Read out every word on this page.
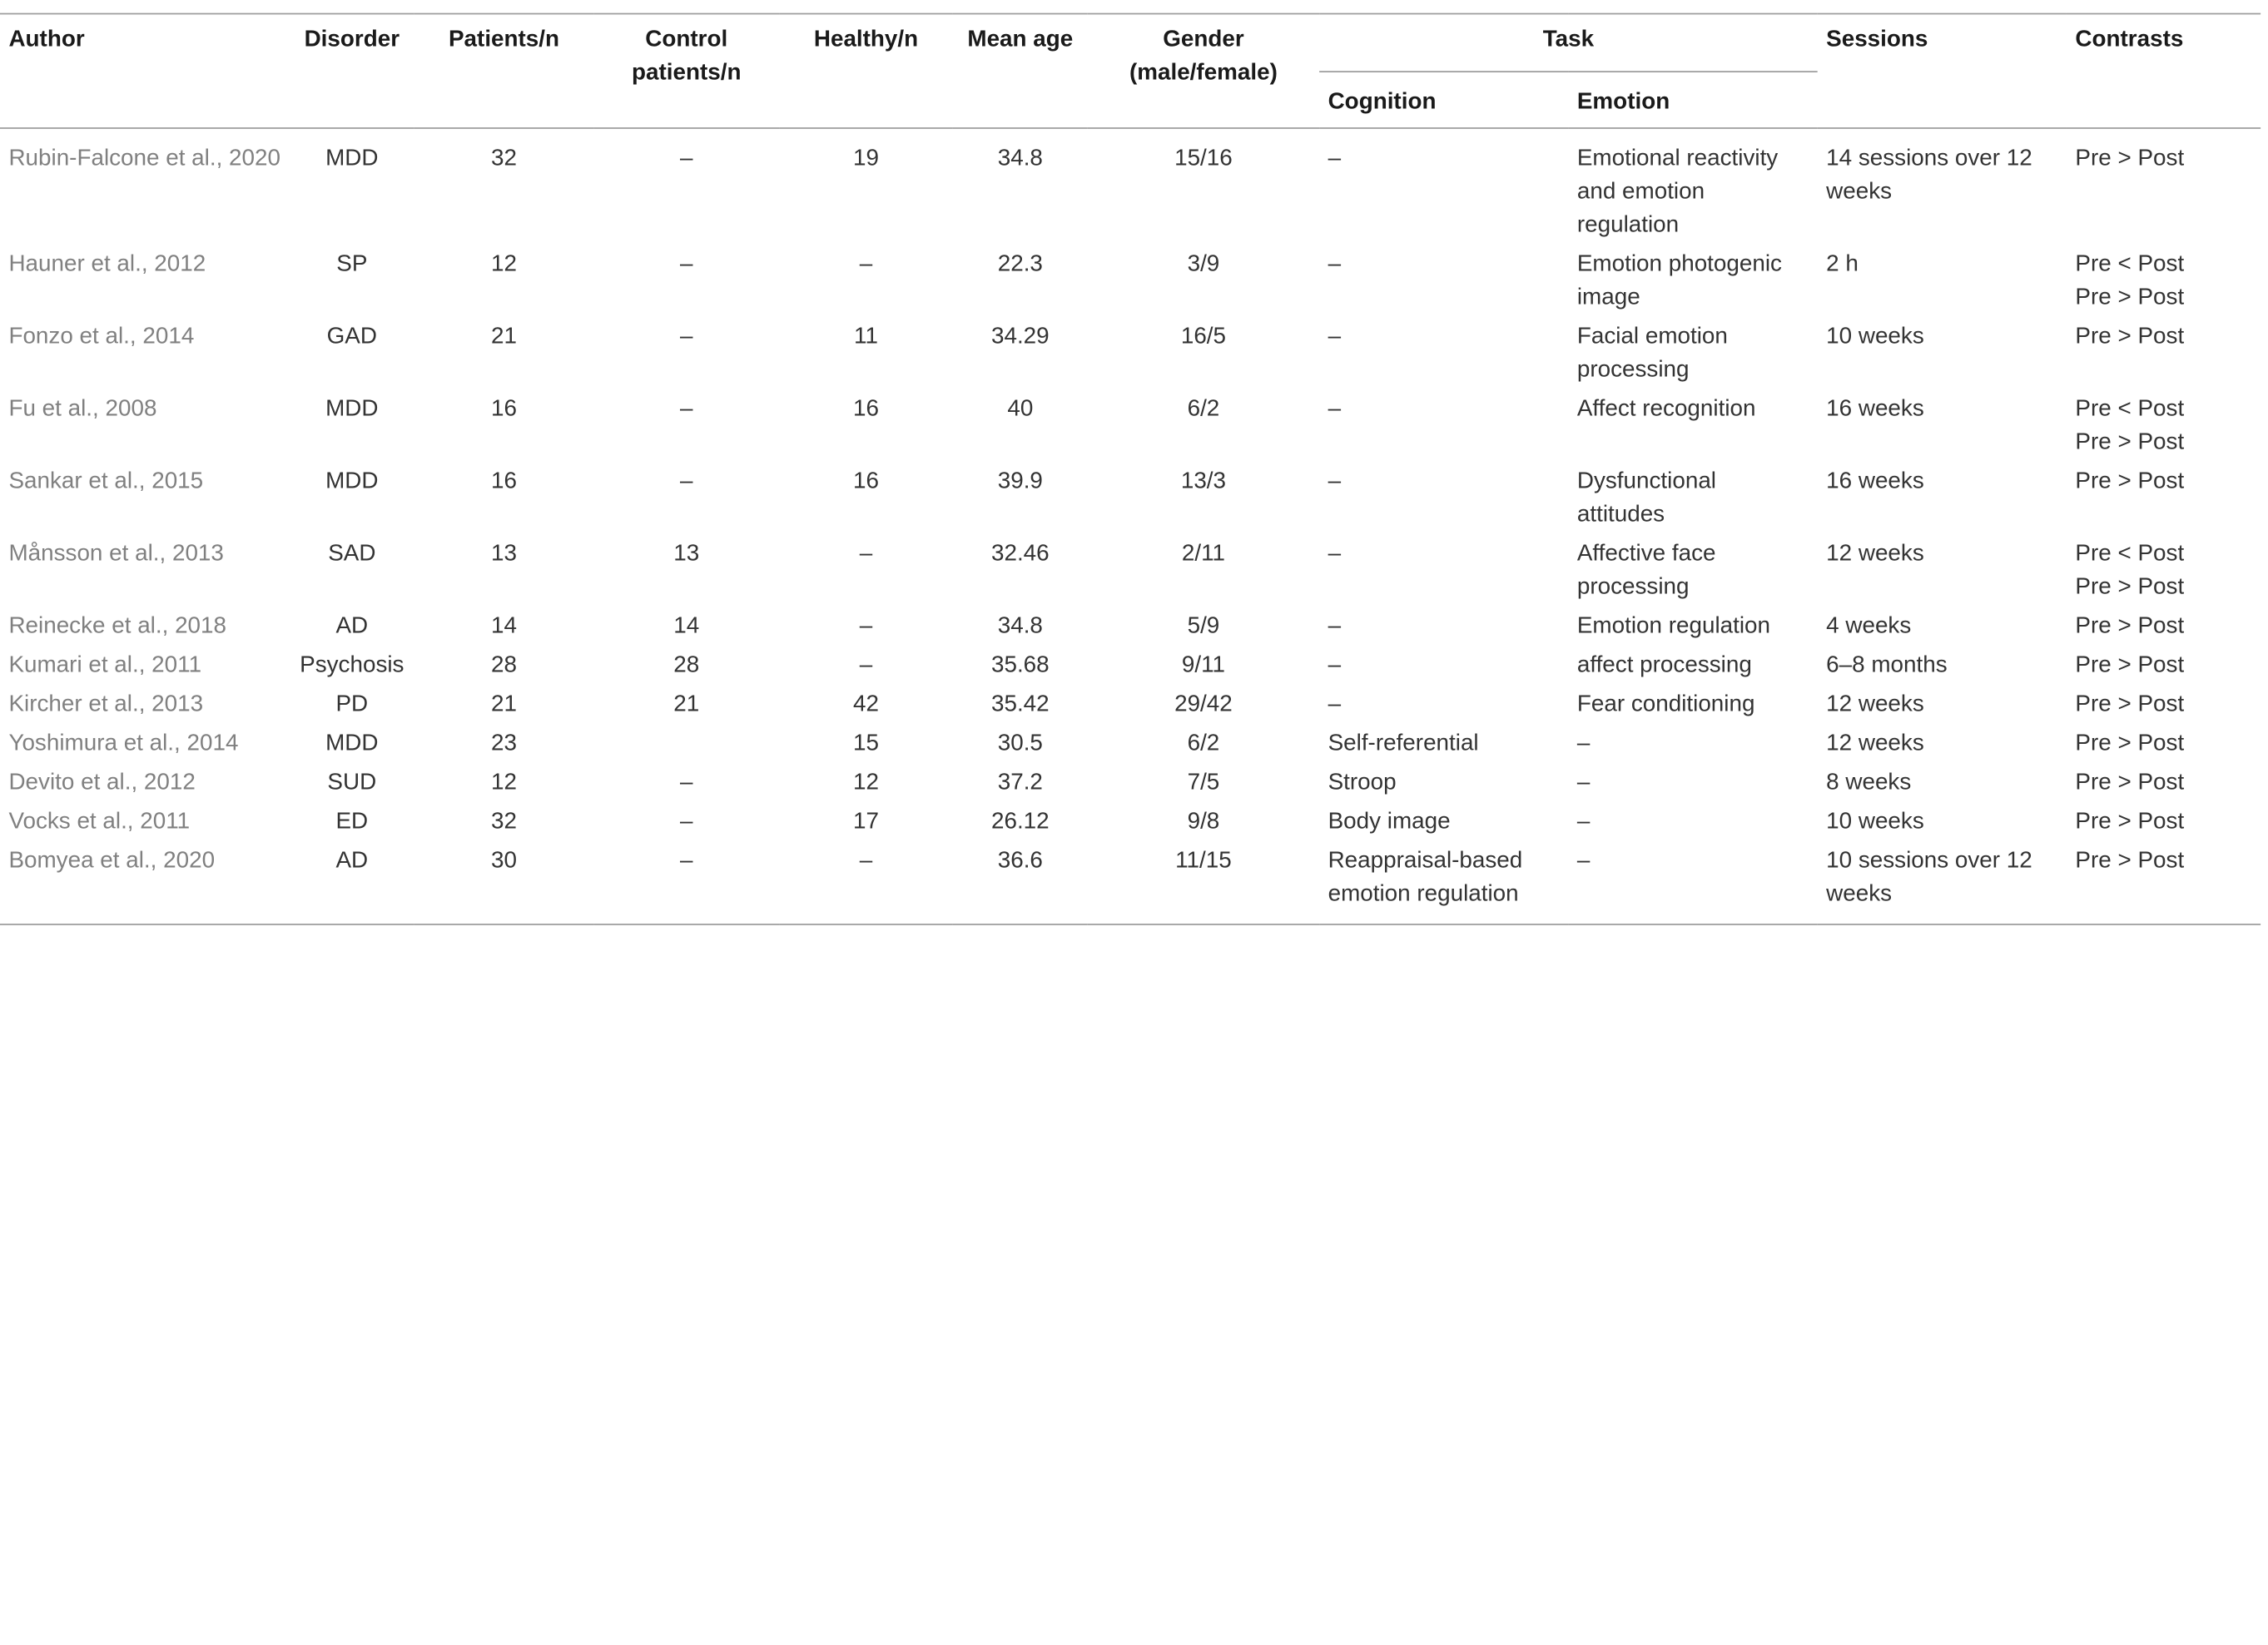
Author	Disorder	Patients/n	Control patients/n	Healthy/n	Mean age	Gender (male/female)	Task		Sessions	Contrasts
							Cognition	Emotion		
Rubin-Falcone et al., 2020	MDD	32	–	19	34.8	15/16	–	Emotional reactivity and emotion regulation	14 sessions over 12 weeks	Pre > Post

Hauner et al., 2012	SP	12	–	–	22.3	3/9	–	Emotion photogenic image	2 h	Pre < Post
Pre > Post

Fonzo et al., 2014	GAD	21	–	11	34.29	16/5	–	Facial emotion processing	10 weeks	Pre > Post

Fu et al., 2008	MDD	16	–	16	40	6/2	–	Affect recognition	16 weeks	Pre < Post
Pre > Post

Sankar et al., 2015	MDD	16	–	16	39.9	13/3	–	Dysfunctional attitudes	16 weeks	Pre > Post

Månsson et al., 2013	SAD	13	13	–	32.46	2/11	–	Affective face processing	12 weeks	Pre < Post
Pre > Post

Reinecke et al., 2018	AD	14	14	–	34.8	5/9	–	Emotion regulation	4 weeks	Pre > Post

Kumari et al., 2011	Psychosis	28	28	–	35.68	9/11	–	affect processing	6–8 months	Pre > Post

Kircher et al., 2013	PD	21	21	42	35.42	29/42	–	Fear conditioning	12 weeks	Pre > Post

Yoshimura et al., 2014	MDD	23		15	30.5	6/2	Self-referential	–	12 weeks	Pre > Post

Devito et al., 2012	SUD	12	–	12	37.2	7/5	Stroop	–	8 weeks	Pre > Post

Vocks et al., 2011	ED	32	–	17	26.12	9/8	Body image	–	10 weeks	Pre > Post

Bomyea et al., 2020	AD	30	–	–	36.6	11/15	Reappraisal-based emotion regulation	–	10 sessions over 12 weeks	Pre > Post
